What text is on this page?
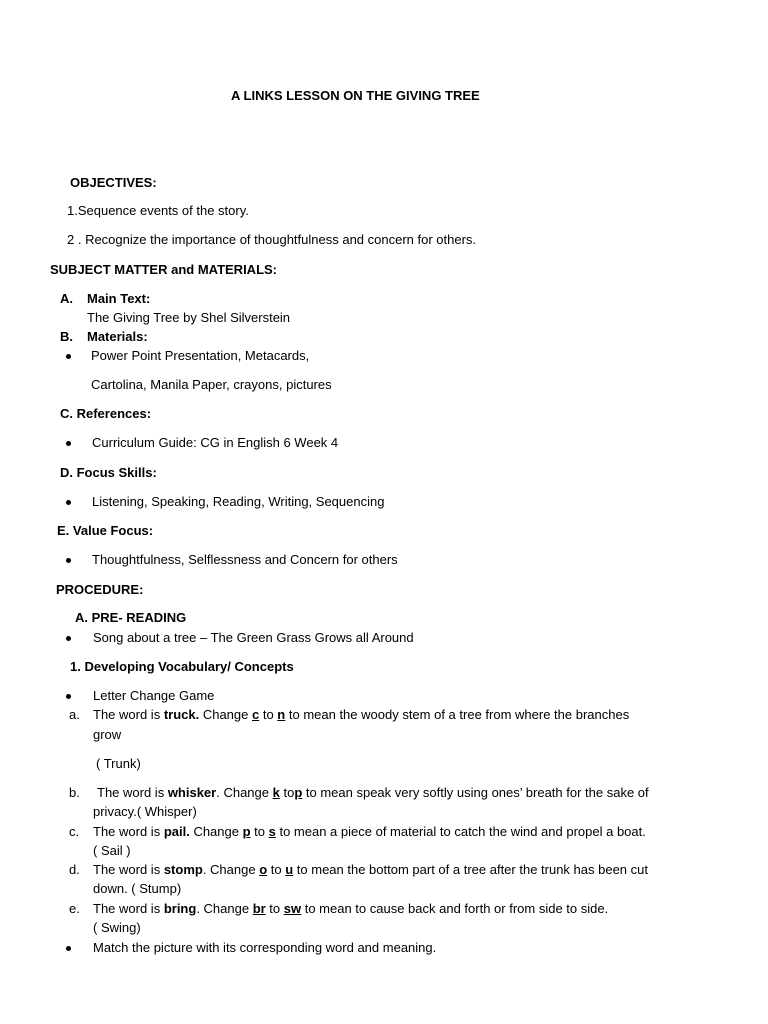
A LINKS LESSON ON THE GIVING TREE
OBJECTIVES:
1.Sequence events of the story.
2 . Recognize the importance of thoughtfulness and concern for others.
SUBJECT MATTER and MATERIALS:
A. Main Text:
The Giving Tree by Shel Silverstein
B. Materials:
Power Point Presentation, Metacards,
Cartolina, Manila Paper, crayons, pictures
C. References:
Curriculum Guide: CG in English 6 Week 4
D. Focus Skills:
Listening, Speaking, Reading, Writing, Sequencing
E. Value Focus:
Thoughtfulness, Selflessness and Concern for others
PROCEDURE:
A. PRE- READING
Song about a tree – The Green Grass Grows all Around
1. Developing Vocabulary/ Concepts
Letter Change Game
a. The word is truck. Change c to n to mean the woody stem of a tree from where the branches
grow
( Trunk)
b. The word is whisker. Change k top to mean speak very softly using ones’ breath for the sake of
privacy.( Whisper)
c. The word is pail. Change p to s to mean a piece of material to catch the wind and propel a boat.
( Sail )
d. The word is stomp. Change o to u to mean the bottom part of a tree after the trunk has been cut
down. ( Stump)
e. The word is bring. Change br to sw to mean to cause back and forth or from side to side.
( Swing)
Match the picture with its corresponding word and meaning.
